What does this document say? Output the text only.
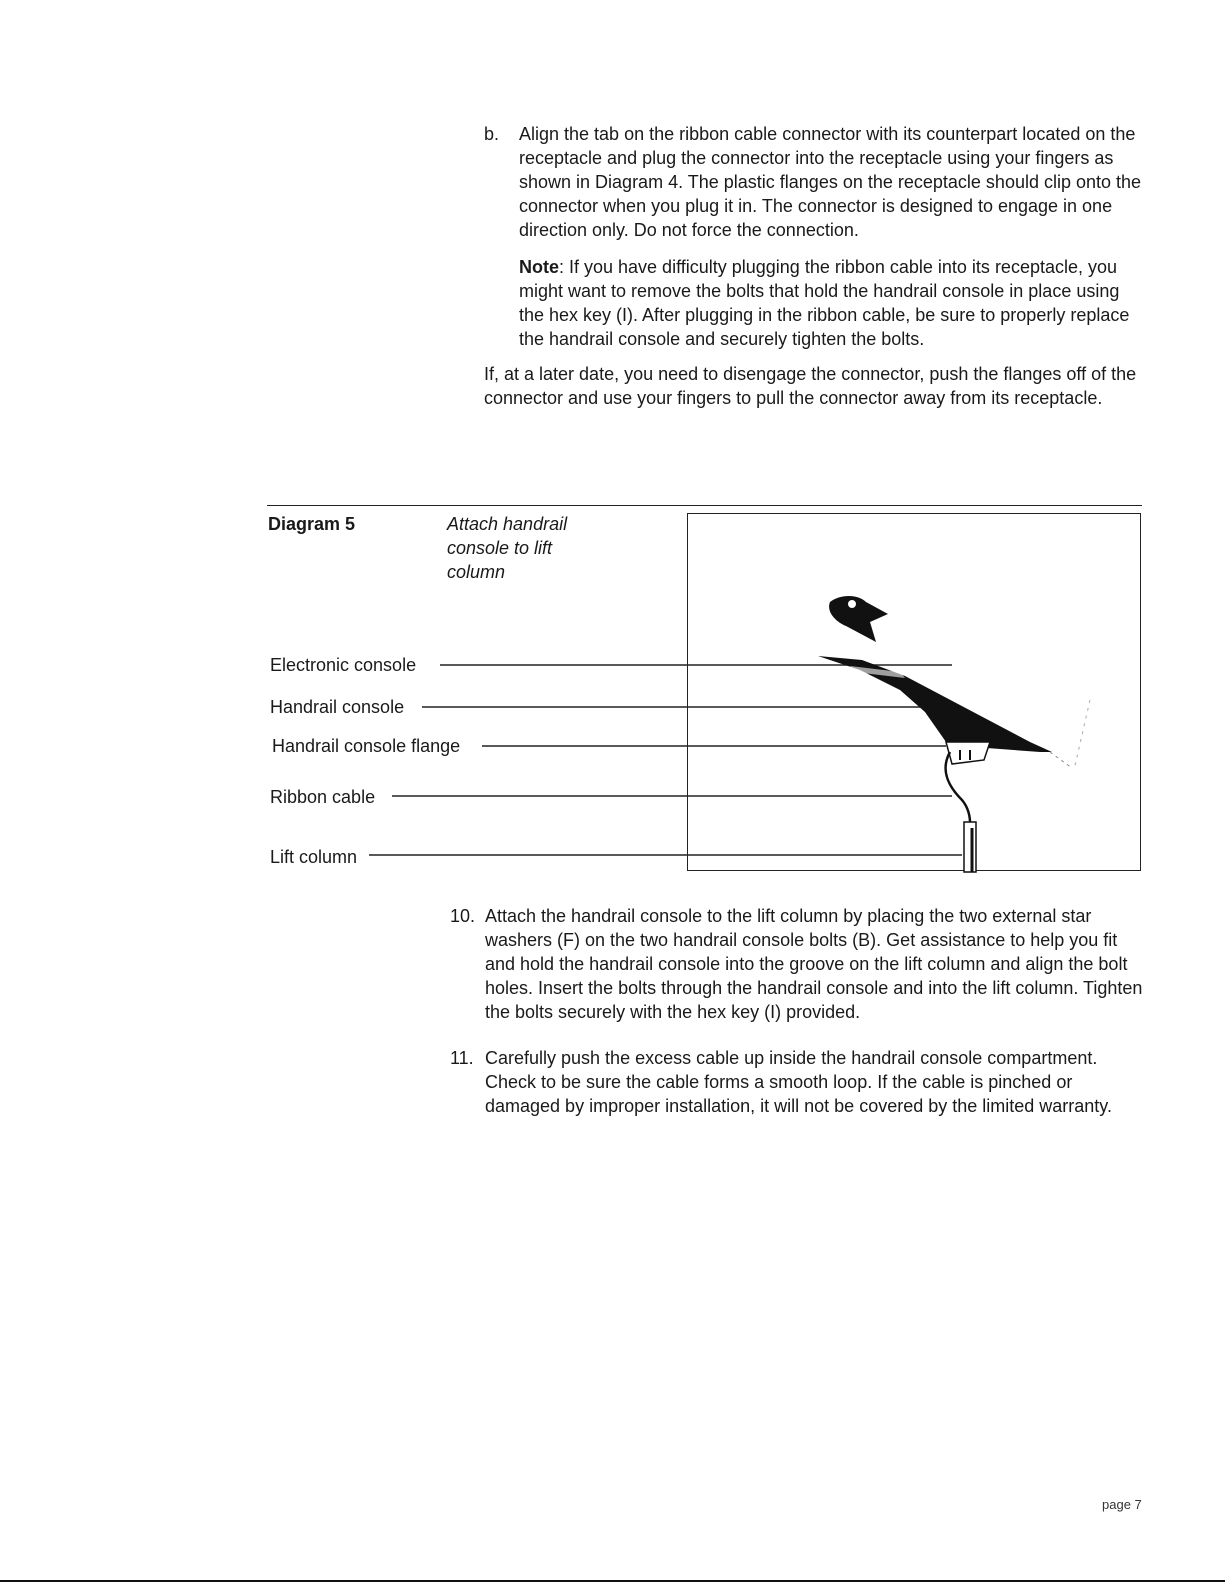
b. Align the tab on the ribbon cable connector with its counterpart located on the receptacle and plug the connector into the receptacle using your fingers as shown in Diagram 4. The plastic flanges on the receptacle should clip onto the connector when you plug it in. The connector is designed to engage in one direction only. Do not force the connection.

Note: If you have difficulty plugging the ribbon cable into its receptacle, you might want to remove the bolts that hold the handrail console in place using the hex key (I). After plugging in the ribbon cable, be sure to properly replace the handrail console and securely tighten the bolts.

If, at a later date, you need to disengage the connector, push the flanges off of the connector and use your fingers to pull the connector away from its receptacle.

Diagram 5	Attach handrail console to lift column
Electronic console
Handrail console
Handrail console flange
Ribbon cable
Lift column
10. Attach the handrail console to the lift column by placing the two external star washers (F) on the two handrail console bolts (B). Get assistance to help you fit and hold the handrail console into the groove on the lift column and align the bolt holes. Insert the bolts through the handrail console and into the lift column. Tighten the bolts securely with the hex key (I) provided.
11. Carefully push the excess cable up inside the handrail console compartment. Check to be sure the cable forms a smooth loop. If the cable is pinched or damaged by improper installation, it will not be covered by the limited warranty.
page 7
